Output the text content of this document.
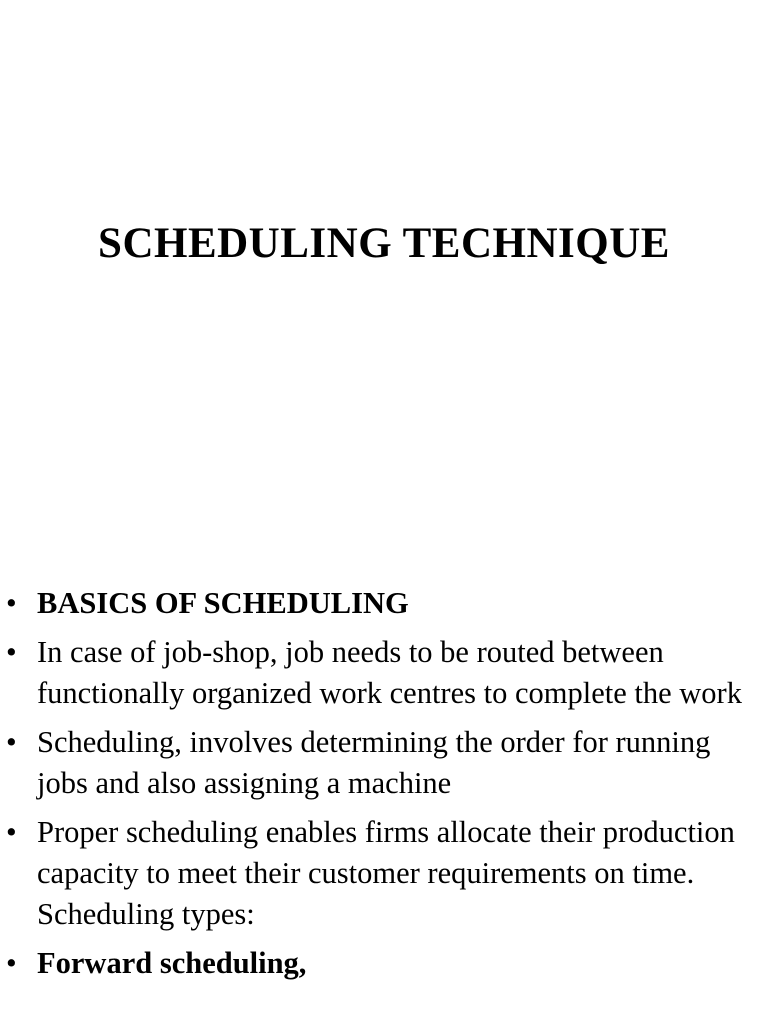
SCHEDULING TECHNIQUE
• BASICS OF SCHEDULING
• In case of job-shop, job needs to be routed between functionally organized work centres to complete the work
• Scheduling, involves determining the order for running jobs and also assigning a machine
• Proper scheduling enables firms allocate their production capacity to meet their customer requirements on time. Scheduling types:
• Forward scheduling,
